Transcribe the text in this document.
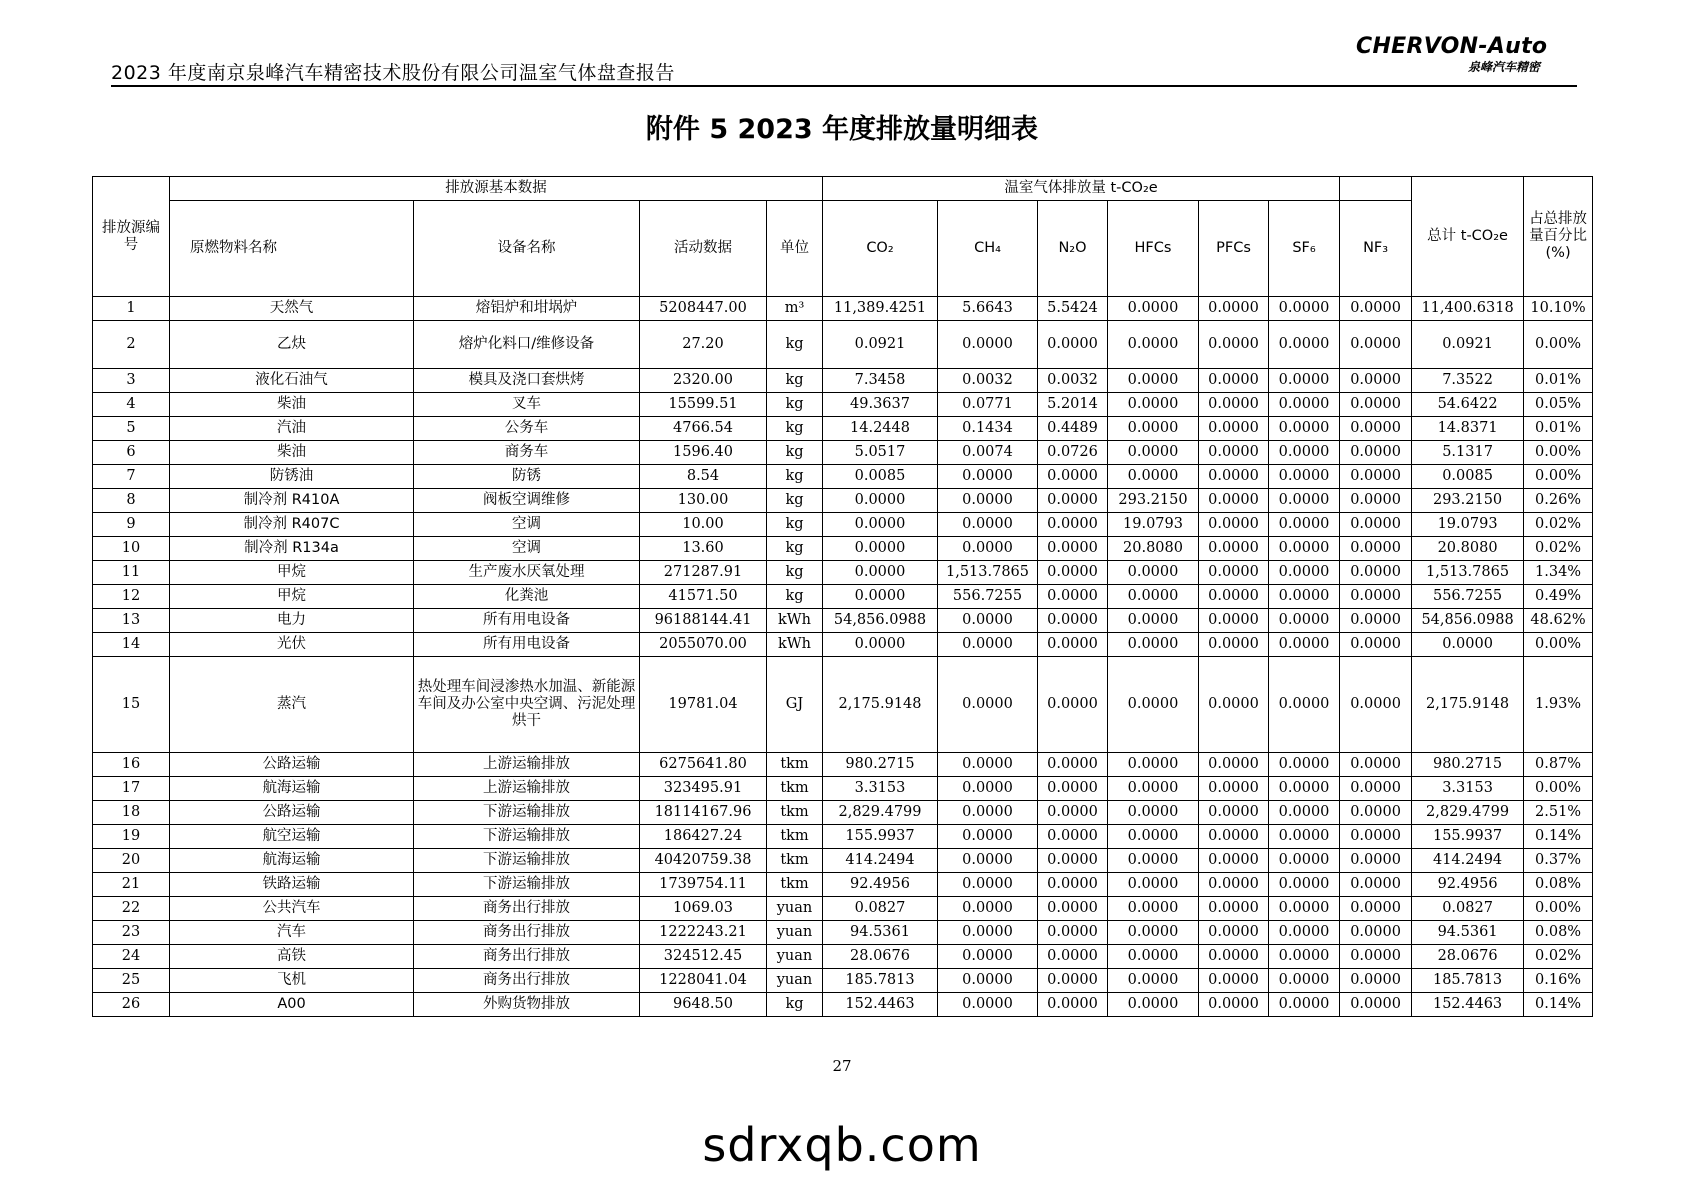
2023 年度南京泉峰汽车精密技术股份有限公司温室气体盘查报告
CHERVON-Auto
泉峰汽车精密
附件 5 2023 年度排放量明细表
排放源编号	排放源基本数据				温室气体排放量 t-CO₂e							总计 t-CO₂e	占总排放量百分比(%)
	原燃物料名称	设备名称	活动数据	单位	CO₂	CH₄	N₂O	HFCs	PFCs	SF₆	NF₃		
1	天然气	熔铝炉和坩埚炉	5208447.00	m³	11,389.4251	5.6643	5.5424	0.0000	0.0000	0.0000	0.0000	11,400.6318	10.10%
2	乙炔	熔炉化料口/维修设备	27.20	kg	0.0921	0.0000	0.0000	0.0000	0.0000	0.0000	0.0000	0.0921	0.00%
3	液化石油气	模具及浇口套烘烤	2320.00	kg	7.3458	0.0032	0.0032	0.0000	0.0000	0.0000	0.0000	7.3522	0.01%
4	柴油	叉车	15599.51	kg	49.3637	0.0771	5.2014	0.0000	0.0000	0.0000	0.0000	54.6422	0.05%
5	汽油	公务车	4766.54	kg	14.2448	0.1434	0.4489	0.0000	0.0000	0.0000	0.0000	14.8371	0.01%
6	柴油	商务车	1596.40	kg	5.0517	0.0074	0.0726	0.0000	0.0000	0.0000	0.0000	5.1317	0.00%
7	防锈油	防锈	8.54	kg	0.0085	0.0000	0.0000	0.0000	0.0000	0.0000	0.0000	0.0085	0.00%
8	制冷剂 R410A	阀板空调维修	130.00	kg	0.0000	0.0000	0.0000	293.2150	0.0000	0.0000	0.0000	293.2150	0.26%
9	制冷剂 R407C	空调	10.00	kg	0.0000	0.0000	0.0000	19.0793	0.0000	0.0000	0.0000	19.0793	0.02%
10	制冷剂 R134a	空调	13.60	kg	0.0000	0.0000	0.0000	20.8080	0.0000	0.0000	0.0000	20.8080	0.02%
11	甲烷	生产废水厌氧处理	271287.91	kg	0.0000	1,513.7865	0.0000	0.0000	0.0000	0.0000	0.0000	1,513.7865	1.34%
12	甲烷	化粪池	41571.50	kg	0.0000	556.7255	0.0000	0.0000	0.0000	0.0000	0.0000	556.7255	0.49%
13	电力	所有用电设备	96188144.41	kWh	54,856.0988	0.0000	0.0000	0.0000	0.0000	0.0000	0.0000	54,856.0988	48.62%
14	光伏	所有用电设备	2055070.00	kWh	0.0000	0.0000	0.0000	0.0000	0.0000	0.0000	0.0000	0.0000	0.00%
15	蒸汽	热处理车间浸渗热水加温、新能源车间及办公室中央空调、污泥处理烘干	19781.04	GJ	2,175.9148	0.0000	0.0000	0.0000	0.0000	0.0000	0.0000	2,175.9148	1.93%
16	公路运输	上游运输排放	6275641.80	tkm	980.2715	0.0000	0.0000	0.0000	0.0000	0.0000	0.0000	980.2715	0.87%
17	航海运输	上游运输排放	323495.91	tkm	3.3153	0.0000	0.0000	0.0000	0.0000	0.0000	0.0000	3.3153	0.00%
18	公路运输	下游运输排放	18114167.96	tkm	2,829.4799	0.0000	0.0000	0.0000	0.0000	0.0000	0.0000	2,829.4799	2.51%
19	航空运输	下游运输排放	186427.24	tkm	155.9937	0.0000	0.0000	0.0000	0.0000	0.0000	0.0000	155.9937	0.14%
20	航海运输	下游运输排放	40420759.38	tkm	414.2494	0.0000	0.0000	0.0000	0.0000	0.0000	0.0000	414.2494	0.37%
21	铁路运输	下游运输排放	1739754.11	tkm	92.4956	0.0000	0.0000	0.0000	0.0000	0.0000	0.0000	92.4956	0.08%
22	公共汽车	商务出行排放	1069.03	yuan	0.0827	0.0000	0.0000	0.0000	0.0000	0.0000	0.0000	0.0827	0.00%
23	汽车	商务出行排放	1222243.21	yuan	94.5361	0.0000	0.0000	0.0000	0.0000	0.0000	0.0000	94.5361	0.08%
24	高铁	商务出行排放	324512.45	yuan	28.0676	0.0000	0.0000	0.0000	0.0000	0.0000	0.0000	28.0676	0.02%
25	飞机	商务出行排放	1228041.04	yuan	185.7813	0.0000	0.0000	0.0000	0.0000	0.0000	0.0000	185.7813	0.16%
26	A00	外购货物排放	9648.50	kg	152.4463	0.0000	0.0000	0.0000	0.0000	0.0000	0.0000	152.4463	0.14%
27
sdrxqb.com
